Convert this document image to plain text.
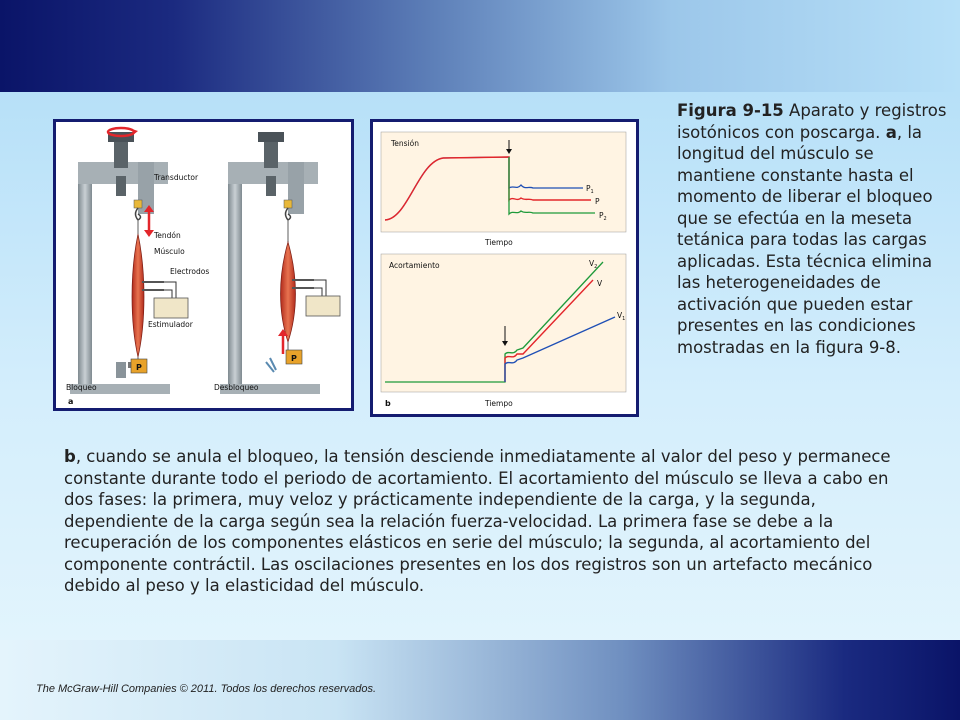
P
P
Transductor
Tendón
Músculo
Electrodos
Estimulador
Bloqueo	Desbloqueo
a
Tensión
Tiempo
$P_1$
P
$P_2$
Acortamiento
Tiempo
$V_2$
V
$V_1$
b

Figura 9-15 Aparato y registros isotónicos con poscarga. a, la longitud del músculo se mantiene constante hasta el momento de liberar el bloqueo que se efectúa en la meseta tetánica para todas las cargas aplicadas. Esta técnica elimina las heterogeneidades de activación que pueden estar presentes en las condiciones mostradas en la figura 9-8.

b, cuando se anula el bloqueo, la tensión desciende inmediatamente al valor del peso y permanece constante durante todo el periodo de acortamiento. El acortamiento del músculo se lleva a cabo en dos fases: la primera, muy veloz y prácticamente independiente de la carga, y la segunda, dependiente de la carga según sea la relación fuerza-velocidad. La primera fase se debe a la recuperación de los componentes elásticos en serie del músculo; la segunda, al acortamiento del componente contráctil. Las oscilaciones presentes en los dos registros son un artefacto mecánico debido al peso y la elasticidad del músculo.

The McGraw-Hill Companies © 2011. Todos los derechos reservados.
